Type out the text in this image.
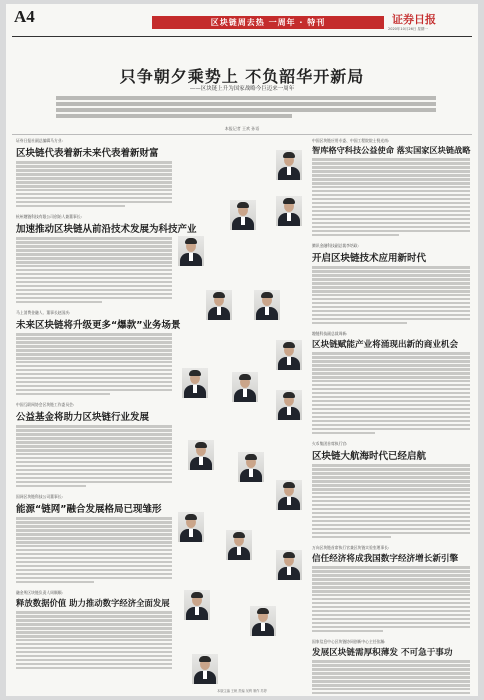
A4	区块链周去热 一周年 · 特刊	证券日报
2020年10月26日 星期一
只争朝夕乘势上 不负韶华开新局
——区块链上升为国家战略今巨迈来一周年
本报记者 王欢 孙语
证券日报社副总编辑马方业:
区块链代表着新未来代表着新财富
杭州趣链科技有限公司创始人兼董事长:
加速推动区块链从前沿技术发展为科技产业
马上消费金融人、董事长赵国庆:
未来区块链将升级更多“爆款”业务场景
中国互联网协会区块链工作委员会:
公益基金将助力区块链行业发展
国网区块链科技公司董事长:
能源“链网”融合发展格局已现雏形
融金所区块链负责人周顺顺:
释放数据价值 助力推动数字经济全面发展
中国区块链应用专委、中国工程院院士倪光南:
智库格守科技公益使命 落实国家区块链战略
腾讯金融科技副总裁李培政:
开启区块链技术应用新时代
趣链科技副总裁周新:
区块链赋能产业将涌现出新的商业机会
火币集团首席执行官:
区块链大航海时代已经启航
万向区块链首席执行官兼区块链实验室理事长:
信任经济将成我国数字经济增长新引擎
国家信息中心区块链协同创新中心主任张瀚:
发展区块链需厚积薄发 不可急于事功
本版主编 王帆 责编 吴利 制作 苏婷
